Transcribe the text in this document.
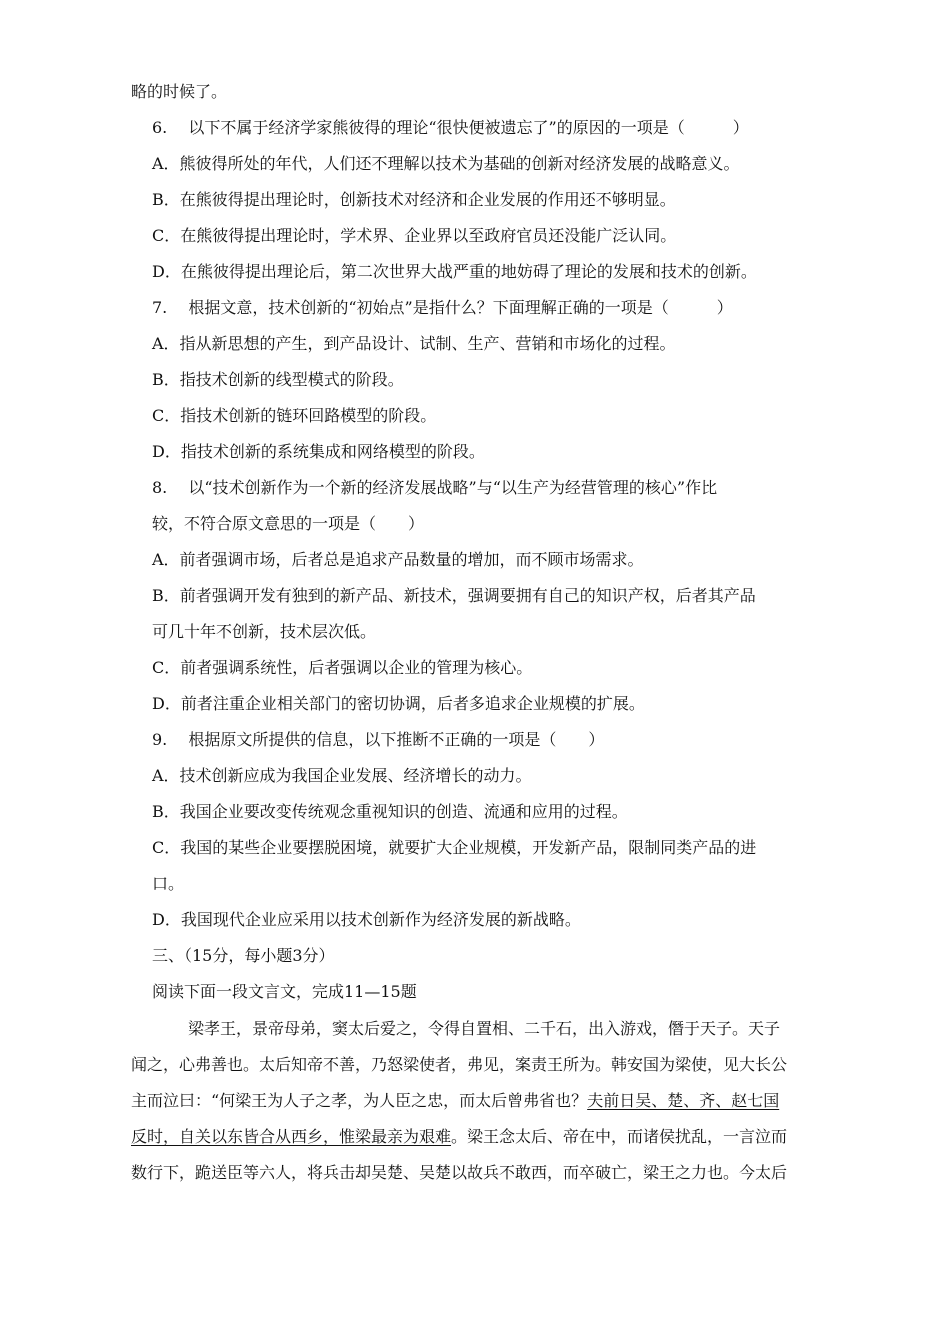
略的时候了。

6.　 以下不属于经济学家熊彼得的理论“很快便被遗忘了”的原因的一项是（　　　）

A．熊彼得所处的年代，人们还不理解以技术为基础的创新对经济发展的战略意义。

B．在熊彼得提出理论时，创新技术对经济和企业发展的作用还不够明显。

C．在熊彼得提出理论时，学术界、企业界以至政府官员还没能广泛认同。

D．在熊彼得提出理论后，第二次世界大战严重的地妨碍了理论的发展和技术的创新。

7.　 根据文意，技术创新的“初始点”是指什么？下面理解正确的一项是（　　　）

A．指从新思想的产生，到产品设计、试制、生产、营销和市场化的过程。

B．指技术创新的线型模式的阶段。

C．指技术创新的链环回路模型的阶段。

D．指技术创新的系统集成和网络模型的阶段。

8.　 以“技术创新作为一个新的经济发展战略”与“以生产为经营管理的核心”作比

较，不符合原文意思的一项是（　　）

A．前者强调市场，后者总是追求产品数量的增加，而不顾市场需求。

B．前者强调开发有独到的新产品、新技术，强调要拥有自己的知识产权，后者其产品

可几十年不创新，技术层次低。

C．前者强调系统性，后者强调以企业的管理为核心。

D．前者注重企业相关部门的密切协调，后者多追求企业规模的扩展。

9.　 根据原文所提供的信息，以下推断不正确的一项是（　　）

A．技术创新应成为我国企业发展、经济增长的动力。

B．我国企业要改变传统观念重视知识的创造、流通和应用的过程。

C．我国的某些企业要摆脱困境，就要扩大企业规模，开发新产品，限制同类产品的进

口。

D．我国现代企业应采用以技术创新作为经济发展的新战略。

三、（15分，每小题3分）

阅读下面一段文言文，完成11—15题

梁孝王，景帝母弟，窦太后爱之，令得自置相、二千石，出入游戏，僭于天子。天子

闻之，心弗善也。太后知帝不善，乃怒梁使者，弗见，案责王所为。韩安国为梁使，见大长公

主而泣曰：“何梁王为人子之孝，为人臣之忠，而太后曾弗省也？夫前日吴、楚、齐、赵七国

反时，自关以东皆合从西乡，惟梁最亲为艰难。梁王念太后、帝在中，而诸侯扰乱，一言泣而

数行下，跪送臣等六人，将兵击却吴楚、吴楚以故兵不敢西，而卒破亡，梁王之力也。今太后
